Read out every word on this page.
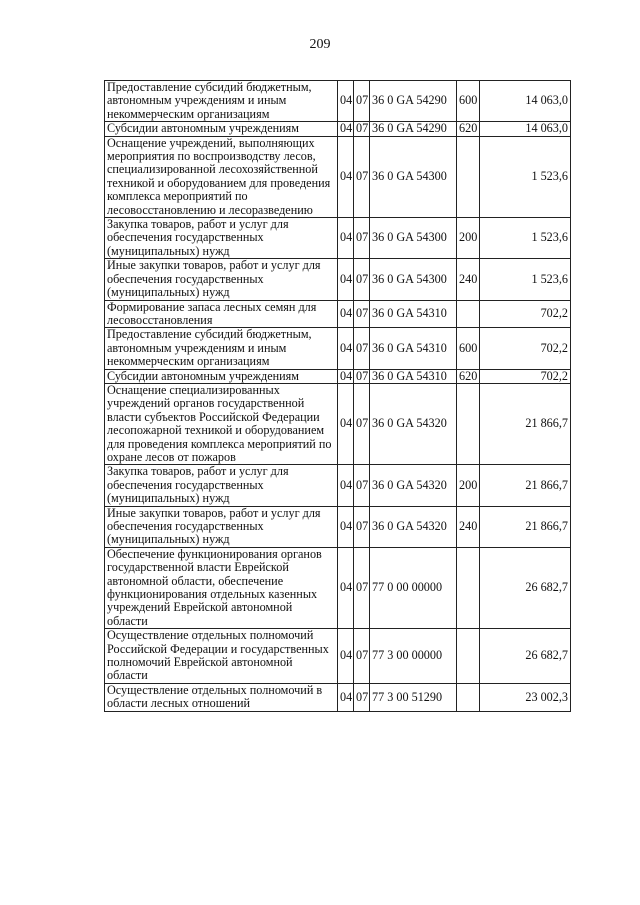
209
Предоставление субсидий бюджетным, автономным учреждениям и иным некоммерческим организациям	04	07	36 0 GA 54290	600	14 063,0
Субсидии автономным учреждениям	04	07	36 0 GA 54290	620	14 063,0
Оснащение учреждений, выполняющих мероприятия по воспроизводству лесов, специализированной лесохозяйственной техникой и оборудованием для проведения комплекса мероприятий по лесовосстановлению и лесоразведению	04	07	36 0 GA 54300		1 523,6
Закупка товаров, работ и услуг для обеспечения государственных (муниципальных) нужд	04	07	36 0 GA 54300	200	1 523,6
Иные закупки товаров, работ и услуг для обеспечения государственных (муниципальных) нужд	04	07	36 0 GA 54300	240	1 523,6
Формирование запаса лесных семян для лесовосстановления	04	07	36 0 GA 54310		702,2
Предоставление субсидий бюджетным, автономным учреждениям и иным некоммерческим организациям	04	07	36 0 GA 54310	600	702,2
Субсидии автономным учреждениям	04	07	36 0 GA 54310	620	702,2
Оснащение специализированных учреждений органов государственной власти субъектов Российской Федерации лесопожарной техникой и оборудованием для проведения комплекса мероприятий по охране лесов от пожаров	04	07	36 0 GA 54320		21 866,7
Закупка товаров, работ и услуг для обеспечения государственных (муниципальных) нужд	04	07	36 0 GA 54320	200	21 866,7
Иные закупки товаров, работ и услуг для обеспечения государственных (муниципальных) нужд	04	07	36 0 GA 54320	240	21 866,7
Обеспечение функционирования органов государственной власти Еврейской автономной области, обеспечение функционирования отдельных казенных учреждений Еврейской автономной области	04	07	77 0 00 00000		26 682,7
Осуществление отдельных полномочий Российской Федерации и государственных полномочий Еврейской автономной области	04	07	77 3 00 00000		26 682,7
Осуществление отдельных полномочий в области лесных отношений	04	07	77 3 00 51290		23 002,3
